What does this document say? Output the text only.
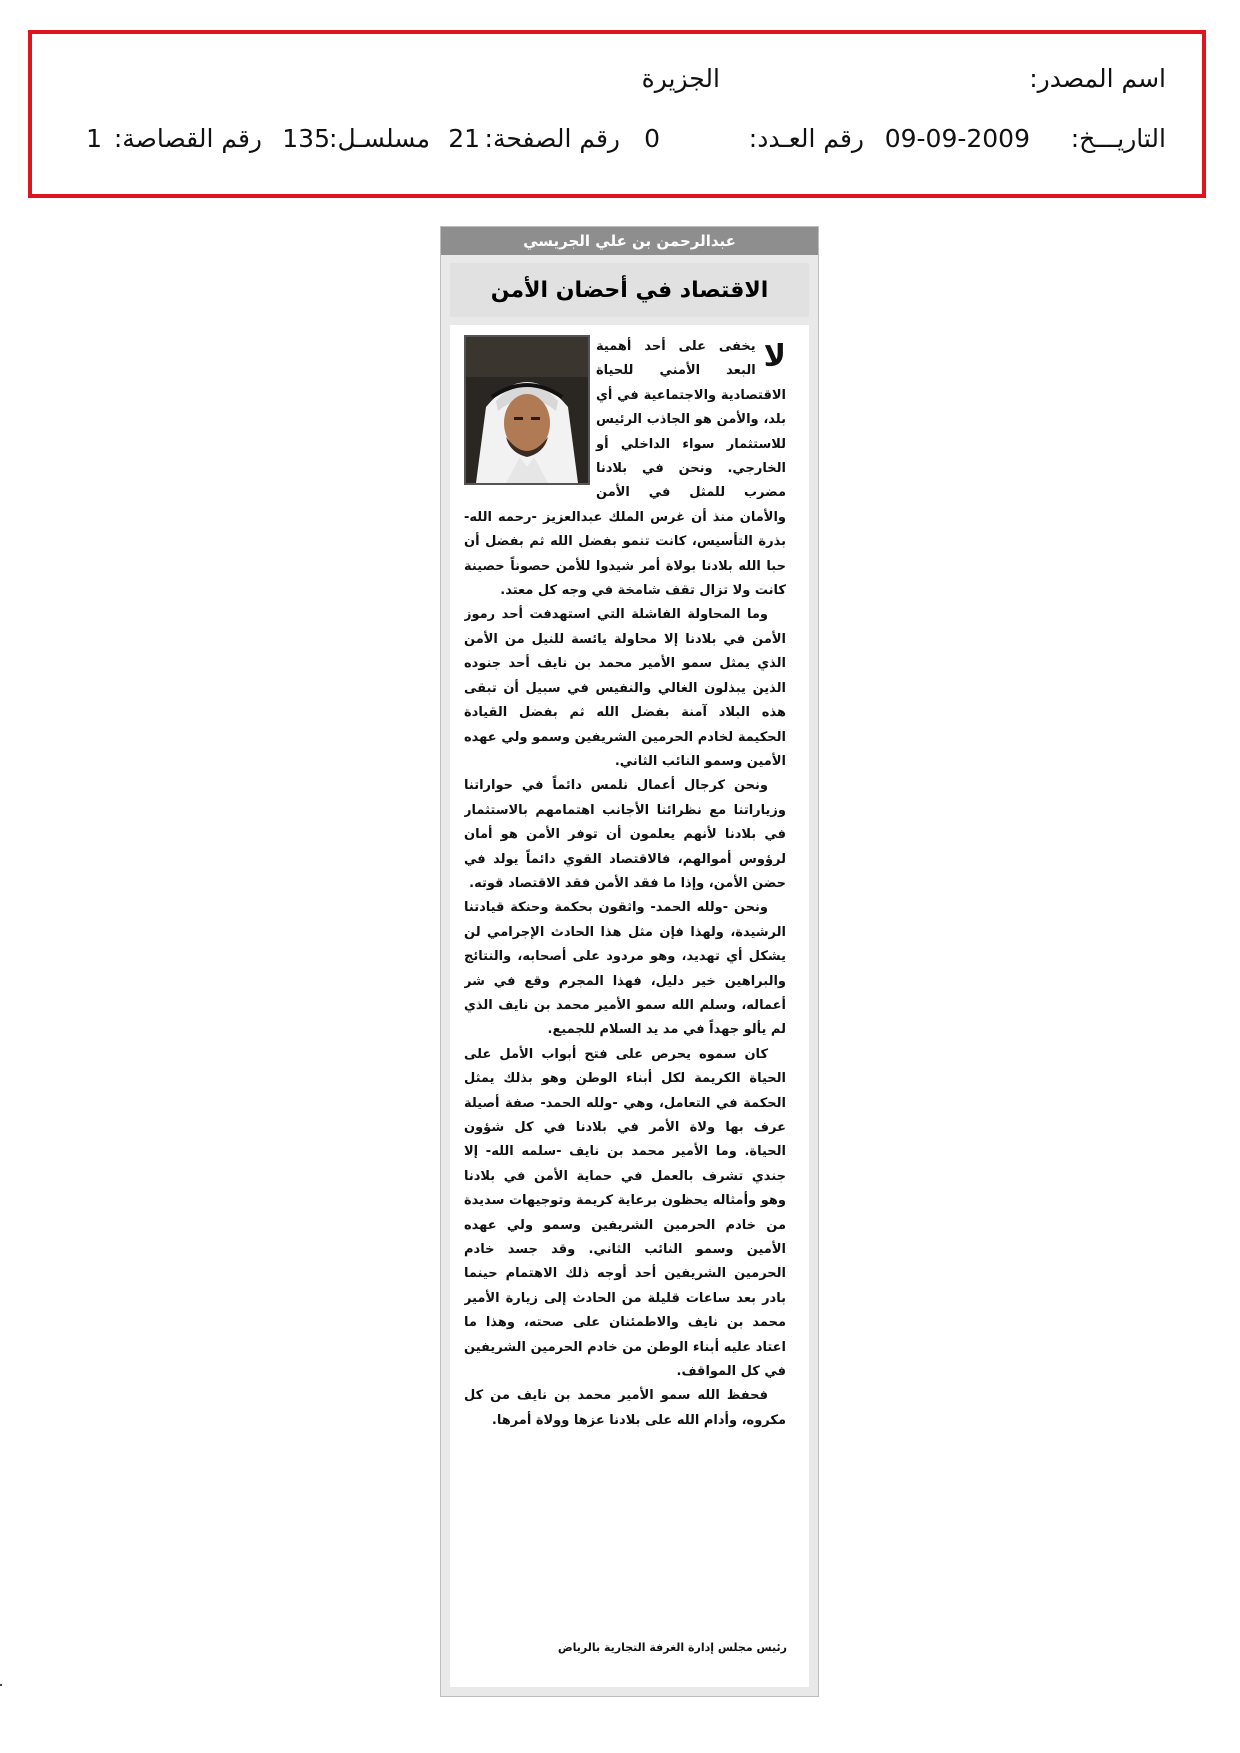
اسم المصدر:
الجزيرة
التاريـــخ:
09-09-2009
رقم العـدد:
0
رقم الصفحة:
21
مسلسـل:
135
رقم القصاصة:
1
عبدالرحمن بن علي الجريسي
الاقتصاد في أحضان الأمن
لا

يخفى على أحد أهمية البعد الأمني للحياة الاقتصادية والاجتماعية في أي بلد، والأمن هو الجاذب الرئيس للاستثمار سواء الداخلي أو الخارجي. ونحن في بلادنا مضرب للمثل في الأمن والأمان منذ أن غرس الملك عبدالعزيز -رحمه الله- بذرة التأسيس، كانت تنمو بفضل الله ثم بفضل أن حبا الله بلادنا بولاة أمر شيدوا للأمن حصوناً حصينة كانت ولا تزال تقف شامخة في وجه كل معتد.

وما المحاولة الفاشلة التي استهدفت أحد رموز الأمن في بلادنا إلا محاولة يائسة للنيل من الأمن الذي يمثل سمو الأمير محمد بن نايف أحد جنوده الذين يبذلون الغالي والنفيس في سبيل أن تبقى هذه البلاد آمنة بفضل الله ثم بفضل القيادة الحكيمة لخادم الحرمين الشريفين وسمو ولي عهده الأمين وسمو النائب الثاني.

ونحن كرجال أعمال نلمس دائماً في حواراتنا وزياراتنا مع نظرائنا الأجانب اهتمامهم بالاستثمار في بلادنا لأنهم يعلمون أن توفر الأمن هو أمان لرؤوس أموالهم، فالاقتصاد القوي دائماً يولد في حضن الأمن، وإذا ما فقد الأمن فقد الاقتصاد قوته.

ونحن -ولله الحمد- واثقون بحكمة وحنكة قيادتنا الرشيدة، ولهذا فإن مثل هذا الحادث الإجرامي لن يشكل أي تهديد، وهو مردود على أصحابه، والنتائج والبراهين خير دليل، فهذا المجرم وقع في شر أعماله، وسلم الله سمو الأمير محمد بن نايف الذي لم يألو جهداً في مد يد السلام للجميع.

كان سموه يحرص على فتح أبواب الأمل على الحياة الكريمة لكل أبناء الوطن وهو بذلك يمثل الحكمة في التعامل، وهي -ولله الحمد- صفة أصيلة عرف بها ولاة الأمر في بلادنا في كل شؤون الحياة. وما الأمير محمد بن نايف -سلمه الله- إلا جندي تشرف بالعمل في حماية الأمن في بلادنا وهو وأمثاله يحظون برعاية كريمة وتوجيهات سديدة من خادم الحرمين الشريفين وسمو ولي عهده الأمين وسمو النائب الثاني. وقد جسد خادم الحرمين الشريفين أحد أوجه ذلك الاهتمام حينما بادر بعد ساعات قليلة من الحادث إلى زيارة الأمير محمد بن نايف والاطمئنان على صحته، وهذا ما اعتاد عليه أبناء الوطن من خادم الحرمين الشريفين في كل المواقف.

فحفظ الله سمو الأمير محمد بن نايف من كل مكروه، وأدام الله على بلادنا عزها وولاة أمرها.

رئيس مجلس إدارة الغرفة التجارية بالرياض
